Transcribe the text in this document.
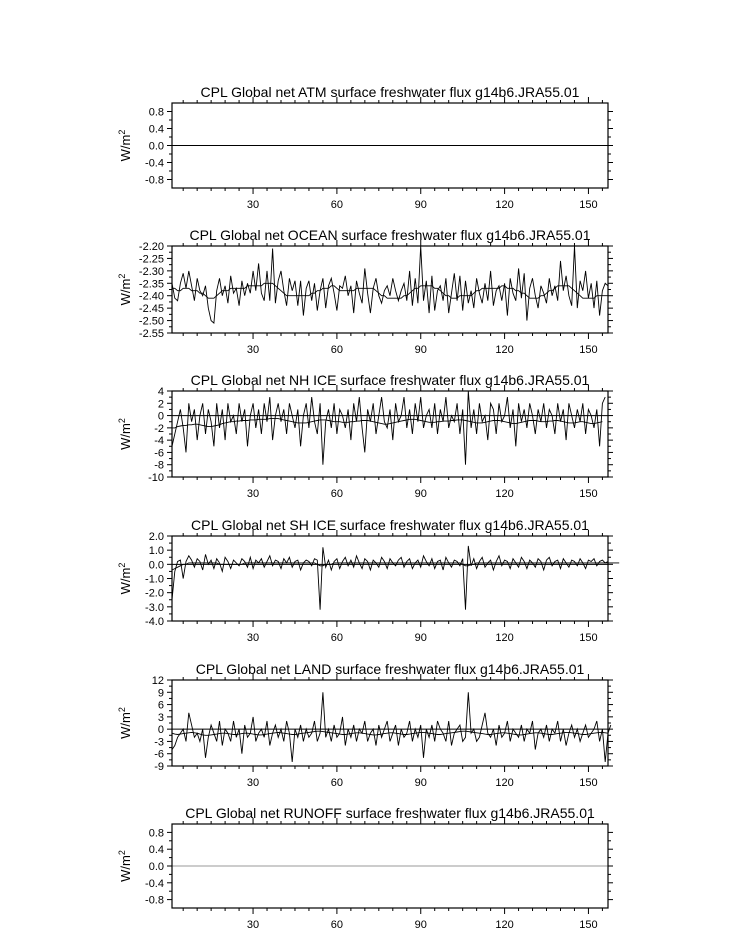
CPL Global net ATM surface freshwater flux g14b6.JRA55.01
$W/m^2$
0.8
0.4
0.0
-0.4
-0.8
30	60	90	120	150
CPL Global net OCEAN surface freshwater flux g14b6.JRA55.01
$W/m^2$
-2.20
-2.25
-2.30
-2.35
-2.40
-2.45
-2.50
-2.55
30	60	90	120	150
CPL Global net NH ICE surface freshwater flux g14b6.JRA55.01
$W/m^2$
4
2
0
-2
-4
-6
-8
-10
30	60	90	120	150
CPL Global net SH ICE surface freshwater flux g14b6.JRA55.01
$W/m^2$
2.0
1.0
0.0
-1.0
-2.0
-3.0
-4.0
30	60	90	120	150
CPL Global net LAND surface freshwater flux g14b6.JRA55.01
$W/m^2$
12
9
6
3
0
-3
-6
-9
30	60	90	120	150
CPL Global net RUNOFF surface freshwater flux g14b6.JRA55.01
$W/m^2$
0.8
0.4
0.0
-0.4
-0.8
30	60	90	120	150
